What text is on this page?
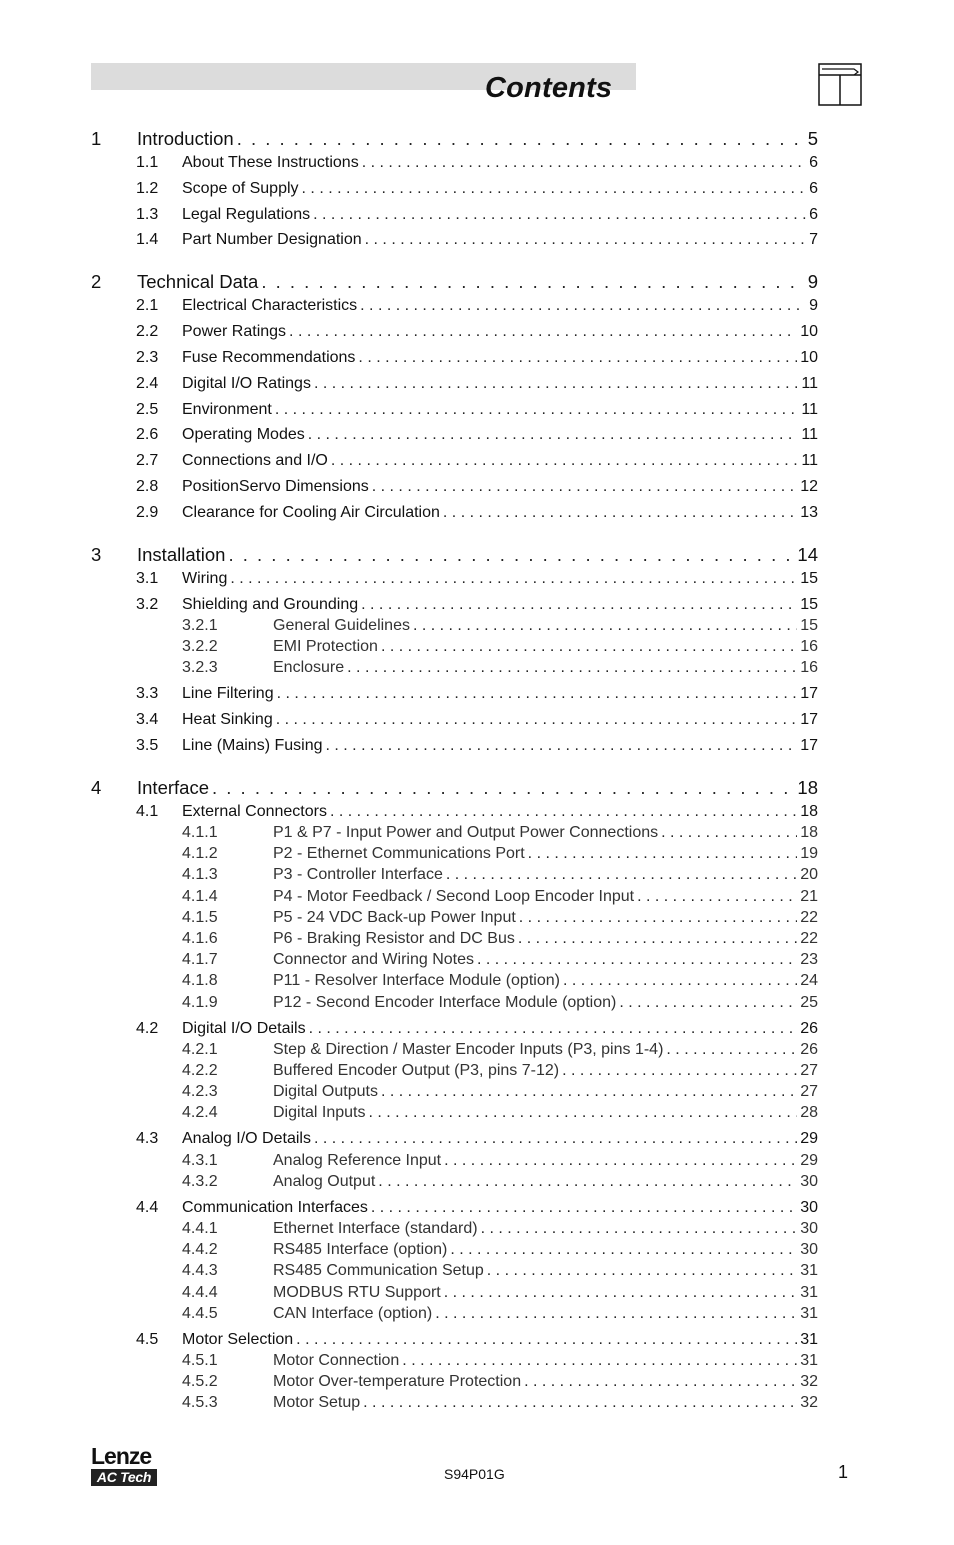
Contents
1	Introduction . . .	5
1.1	About These Instructions . . .	6
1.2	Scope of Supply . . .	6
1.3	Legal Regulations . . .	6
1.4	Part Number Designation . . .	7
2	Technical Data . . .	9
2.1	Electrical Characteristics . . .	9
2.2	Power Ratings . . .	10
2.3	Fuse Recommendations . . .	10
2.4	Digital I/O Ratings . . .	11
2.5	Environment . . .	11
2.6	Operating Modes . . .	11
2.7	Connections and I/O . . .	11
2.8	PositionServo Dimensions . . .	12
2.9	Clearance for Cooling Air Circulation . . .	13
3	Installation . . .	14
3.1	Wiring . . .	15
3.2	Shielding and Grounding . . .	15
3.2.1	General Guidelines . . .	15
3.2.2	EMI Protection . . .	16
3.2.3	Enclosure . . .	16
3.3	Line Filtering . . .	17
3.4	Heat Sinking . . .	17
3.5	Line (Mains) Fusing . . .	17
4	Interface . . .	18
4.1	External Connectors . . .	18
4.1.1	P1 & P7 - Input Power and Output Power Connections . . .	18
4.1.2	P2 - Ethernet Communications Port . . .	19
4.1.3	P3 - Controller Interface . . .	20
4.1.4	P4 - Motor Feedback / Second Loop Encoder Input . . .	21
4.1.5	P5 - 24 VDC Back-up Power Input . . .	22
4.1.6	P6 - Braking Resistor and DC Bus . . .	22
4.1.7	Connector and Wiring Notes . . .	23
4.1.8	P11 - Resolver Interface Module (option) . . .	24
4.1.9	P12 - Second Encoder Interface Module (option) . . .	25
4.2	Digital I/O Details . . .	26
4.2.1	Step & Direction / Master Encoder Inputs (P3, pins 1-4) . . .	26
4.2.2	Buffered Encoder Output (P3, pins 7-12) . . .	27
4.2.3	Digital Outputs . . .	27
4.2.4	Digital Inputs . . .	28
4.3	Analog I/O Details . . .	29
4.3.1	Analog Reference Input . . .	29
4.3.2	Analog Output . . .	30
4.4	Communication Interfaces . . .	30
4.4.1	Ethernet Interface (standard) . . .	30
4.4.2	RS485 Interface (option) . . .	30
4.4.3	RS485 Communication Setup . . .	31
4.4.4	MODBUS RTU Support . . .	31
4.4.5	CAN Interface (option) . . .	31
4.5	Motor Selection . . .	31
4.5.1	Motor Connection . . .	31
4.5.2	Motor Over-temperature Protection . . .	32
4.5.3	Motor Setup . . .	32
Lenze
AC Tech	S94P01G	1
